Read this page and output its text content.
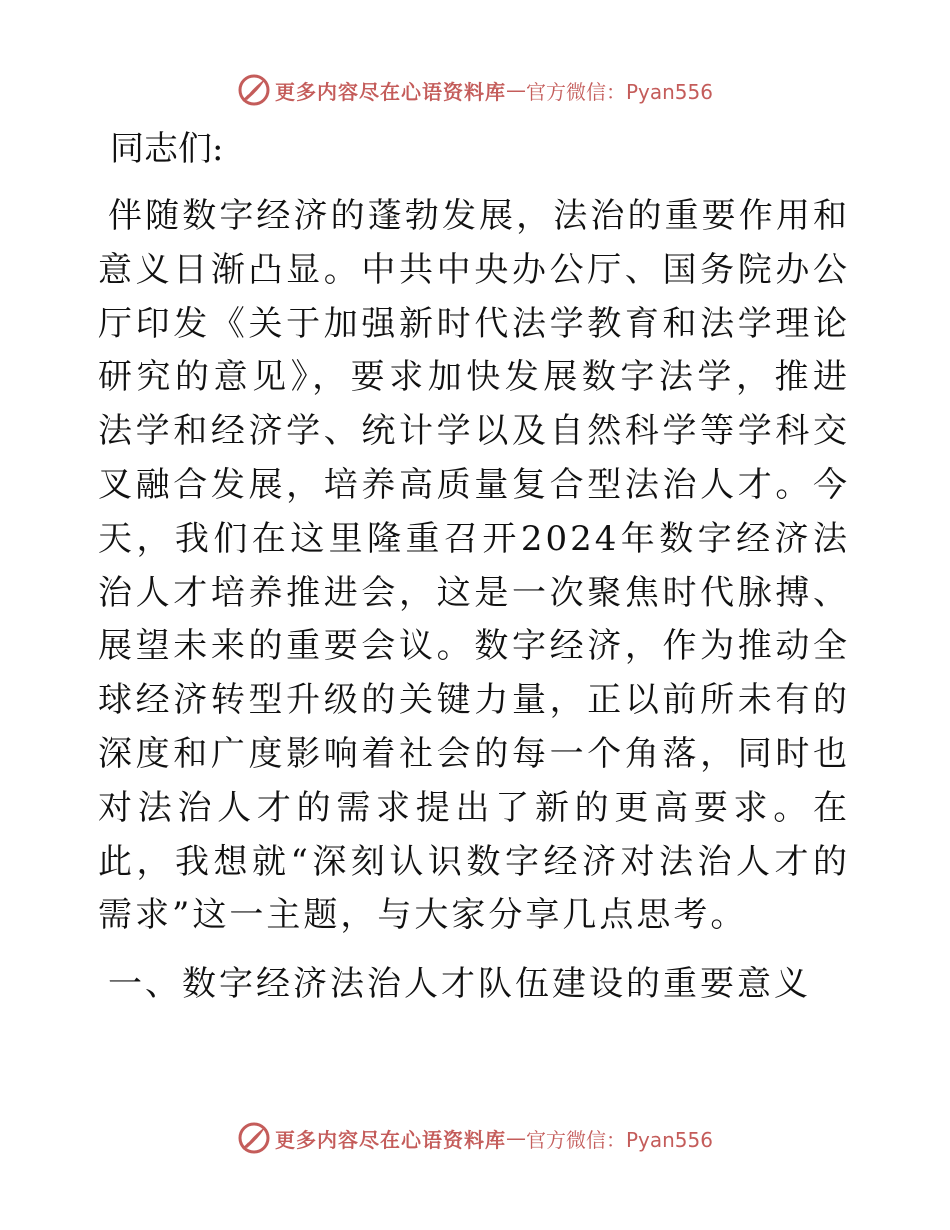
更多内容尽在心语资料库 — 官方微信：Pyan556
同志们:

伴随数字经济的蓬勃发展，法治的重要作用和意义日渐凸显。中共中央办公厅、国务院办公厅印发《关于加强新时代法学教育和法学理论研究的意见》，要求加快发展数字法学，推进法学和经济学、统计学以及自然科学等学科交叉融合发展，培养高质量复合型法治人才。今天，我们在这里隆重召开2024年数字经济法治人才培养推进会，这是一次聚焦时代脉搏、展望未来的重要会议。数字经济，作为推动全球经济转型升级的关键力量，正以前所未有的深度和广度影响着社会的每一个角落，同时也对法治人才的需求提出了新的更高要求。在此，我想就“深刻认识数字经济对法治人才的需求”这一主题，与大家分享几点思考。

一、数字经济法治人才队伍建设的重要意义
更多内容尽在心语资料库 — 官方微信：Pyan556
